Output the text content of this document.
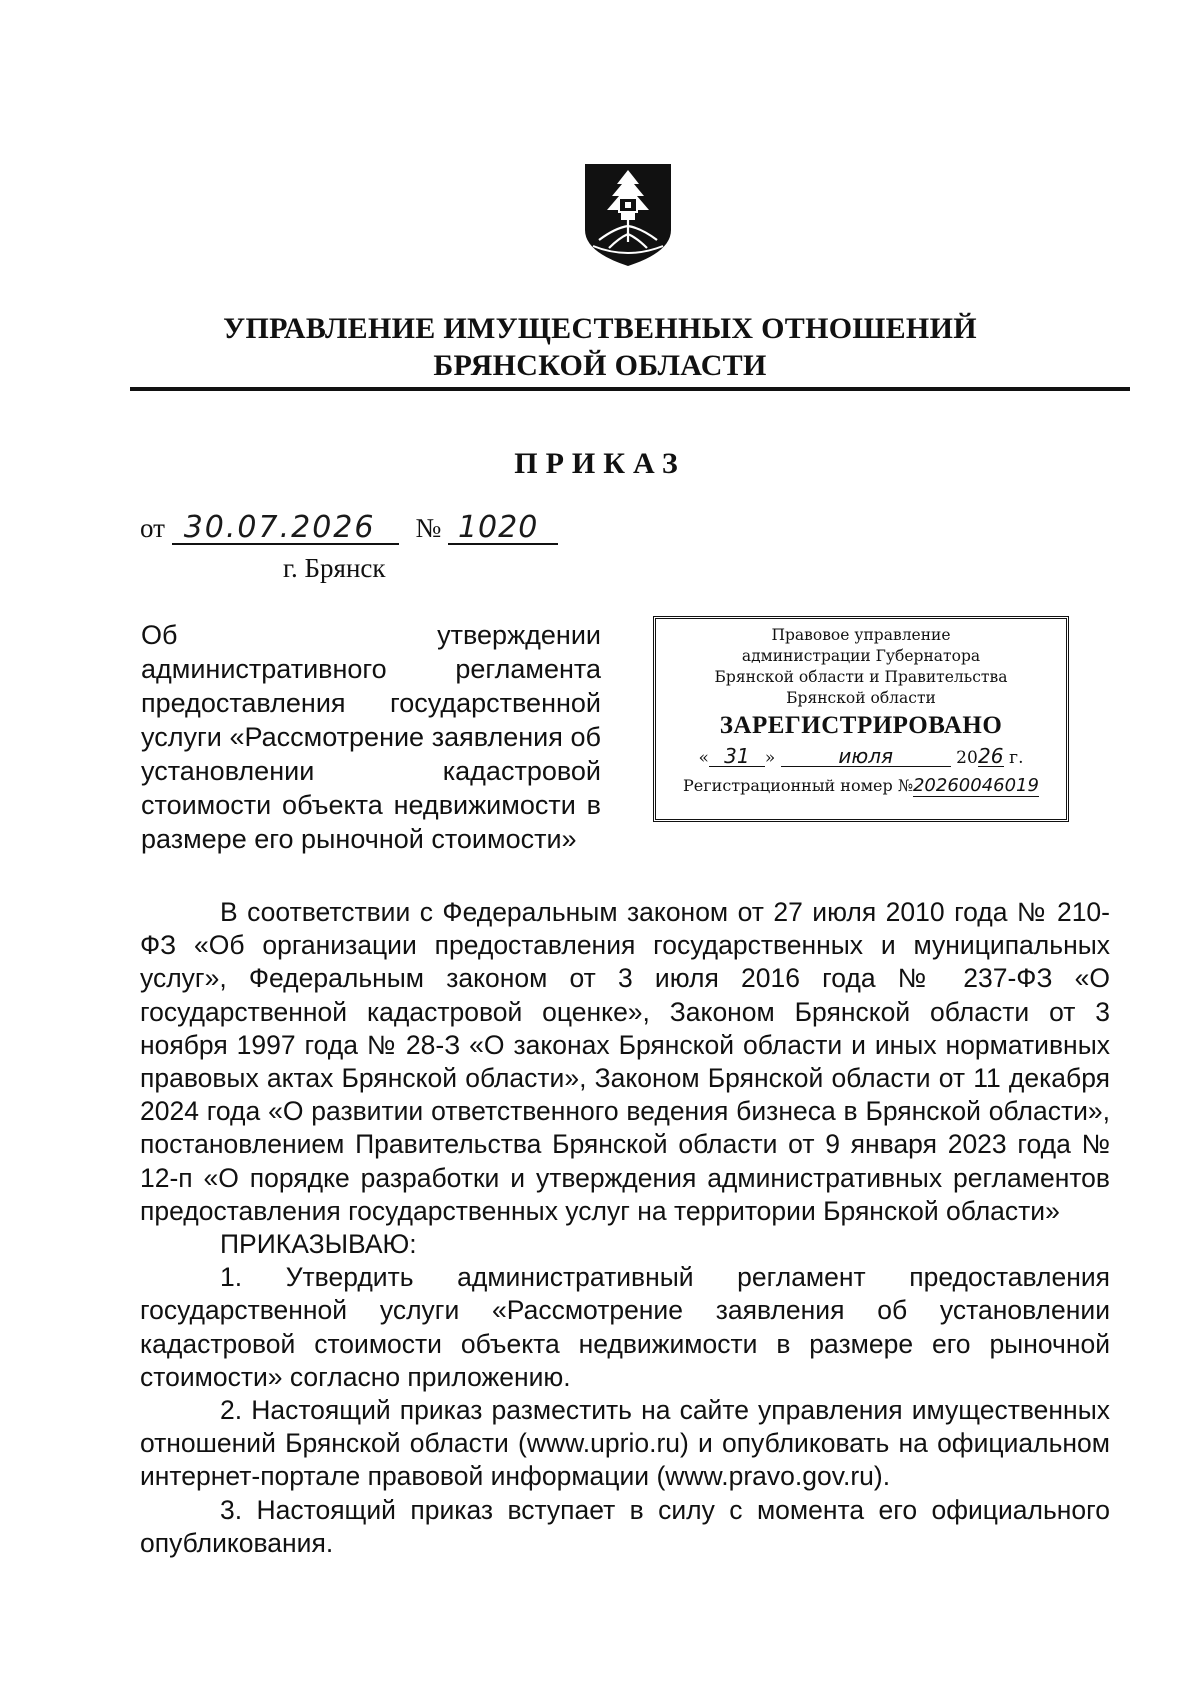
УПРАВЛЕНИЕ ИМУЩЕСТВЕННЫХ ОТНОШЕНИЙ
БРЯНСКОЙ ОБЛАСТИ
ПРИКАЗ
от 30.07.2026 № 1020
г. Брянск
Об утверждении административного регламента предоставления государственной услуги «Рассмотрение заявления об установлении кадастровой стоимости объекта недвижимости в размере его рыночной стоимости»
Правовое управление
администрации Губернатора
Брянской области и Правительства
Брянской области
ЗАРЕГИСТРИРОВАНО
« 31 »	июля	2026 г.
Регистрационный номер №20260046019

В соответствии с Федеральным законом от 27 июля 2010 года № 210-ФЗ «Об организации предоставления государственных и муниципальных услуг», Федеральным законом от 3 июля 2016 года № 237-ФЗ «О государственной кадастровой оценке», Законом Брянской области от 3 ноября 1997 года № 28-З «О законах Брянской области и иных нормативных правовых актах Брянской области», Законом Брянской области от 11 декабря 2024 года «О развитии ответственного ведения бизнеса в Брянской области», постановлением Правительства Брянской области от 9 января 2023 года № 12-п «О порядке разработки и утверждения административных регламентов предоставления государственных услуг на территории Брянской области»

ПРИКАЗЫВАЮ:

1. Утвердить административный регламент предоставления государственной услуги «Рассмотрение заявления об установлении кадастровой стоимости объекта недвижимости в размере его рыночной стоимости» согласно приложению.

2. Настоящий приказ разместить на сайте управления имущественных отношений Брянской области (www.uprio.ru) и опубликовать на официальном интернет-портале правовой информации (www.pravo.gov.ru).

3. Настоящий приказ вступает в силу с момента его официального опубликования.
